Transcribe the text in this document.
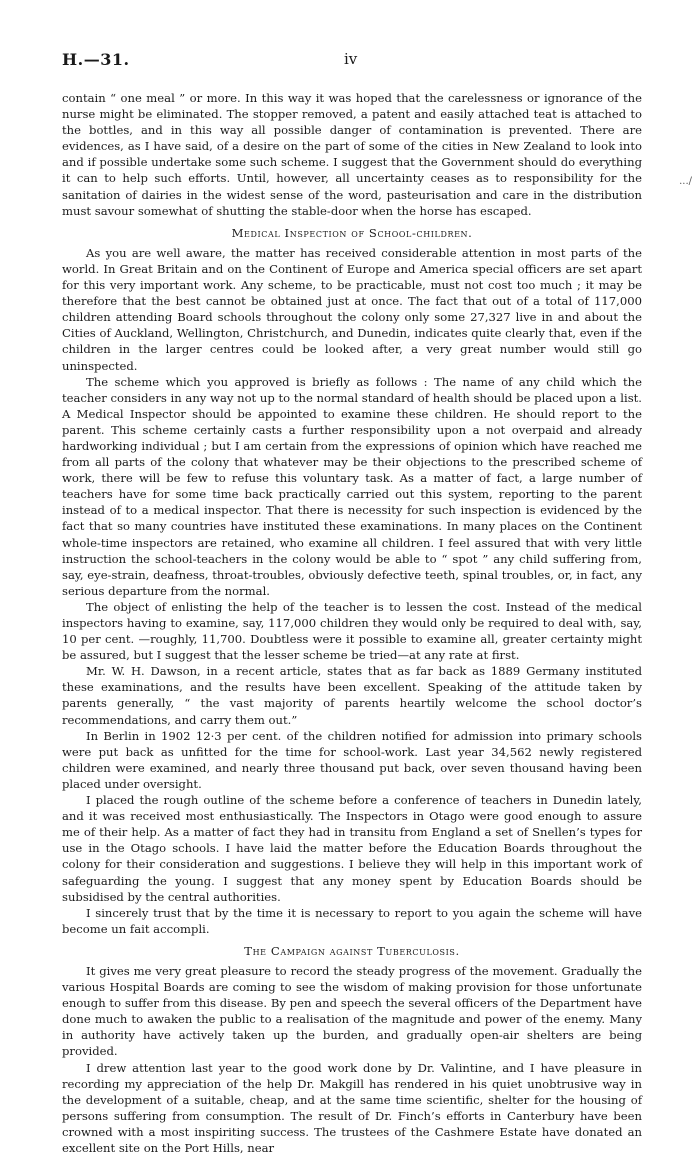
H.—31.	iv
.../

contain “ one meal ” or more. In this way it was hoped that the carelessness or ignorance of the nurse might be eliminated. The stopper removed, a patent and easily attached teat is attached to the bottles, and in this way all possible danger of contamination is prevented. There are evidences, as I have said, of a desire on the part of some of the cities in New Zealand to look into and if possible undertake some such scheme. I suggest that the Government should do everything it can to help such efforts. Until, however, all uncertainty ceases as to responsibility for the sanitation of dairies in the widest sense of the word, pasteurisation and care in the distribution must savour somewhat of shutting the stable-door when the horse has escaped.

Medical Inspection of School-children.

As you are well aware, the matter has received considerable attention in most parts of the world. In Great Britain and on the Continent of Europe and America special officers are set apart for this very important work. Any scheme, to be practicable, must not cost too much ; it may be therefore that the best cannot be obtained just at once. The fact that out of a total of 117,000 children attending Board schools throughout the colony only some 27,327 live in and about the Cities of Auckland, Wellington, Christchurch, and Dunedin, indicates quite clearly that, even if the children in the larger centres could be looked after, a very great number would still go uninspected.

The scheme which you approved is briefly as follows : The name of any child which the teacher considers in any way not up to the normal standard of health should be placed upon a list. A Medical Inspector should be appointed to examine these children. He should report to the parent. This scheme certainly casts a further responsibility upon a not overpaid and already hardworking individual ; but I am certain from the expressions of opinion which have reached me from all parts of the colony that whatever may be their objections to the prescribed scheme of work, there will be few to refuse this voluntary task. As a matter of fact, a large number of teachers have for some time back practically carried out this system, reporting to the parent instead of to a medical inspector. That there is necessity for such inspection is evidenced by the fact that so many countries have instituted these examinations. In many places on the Continent whole-time inspectors are retained, who examine all children. I feel assured that with very little instruction the school-teachers in the colony would be able to “ spot ” any child suffering from, say, eye-strain, deafness, throat-troubles, obviously defective teeth, spinal troubles, or, in fact, any serious departure from the normal.

The object of enlisting the help of the teacher is to lessen the cost. Instead of the medical inspectors having to examine, say, 117,000 children they would only be required to deal with, say, 10 per cent. —roughly, 11,700. Doubtless were it possible to examine all, greater certainty might be assured, but I suggest that the lesser scheme be tried—at any rate at first.

Mr. W. H. Dawson, in a recent article, states that as far back as 1889 Germany instituted these examinations, and the results have been excellent. Speaking of the attitude taken by parents generally, “ the vast majority of parents heartily welcome the school doctor’s recommendations, and carry them out.”

In Berlin in 1902 12·3 per cent. of the children notified for admission into primary schools were put back as unfitted for the time for school-work. Last year 34,562 newly registered children were examined, and nearly three thousand put back, over seven thousand having been placed under oversight.

I placed the rough outline of the scheme before a conference of teachers in Dunedin lately, and it was received most enthusiastically. The Inspectors in Otago were good enough to assure me of their help. As a matter of fact they had in transitu from England a set of Snellen’s types for use in the Otago schools. I have laid the matter before the Education Boards throughout the colony for their consideration and suggestions. I believe they will help in this important work of safeguarding the young. I suggest that any money spent by Education Boards should be subsidised by the central authorities.

I sincerely trust that by the time it is necessary to report to you again the scheme will have become un fait accompli.

The Campaign against Tuberculosis.

It gives me very great pleasure to record the steady progress of the movement. Gradually the various Hospital Boards are coming to see the wisdom of making provision for those unfortunate enough to suffer from this disease. By pen and speech the several officers of the Department have done much to awaken the public to a realisation of the magnitude and power of the enemy. Many in authority have actively taken up the burden, and gradually open-air shelters are being provided.

I drew attention last year to the good work done by Dr. Valintine, and I have pleasure in recording my appreciation of the help Dr. Makgill has rendered in his quiet unobtrusive way in the development of a suitable, cheap, and at the same time scientific, shelter for the housing of persons suffering from consumption. The result of Dr. Finch’s efforts in Canterbury have been crowned with a most inspiriting success. The trustees of the Cashmere Estate have donated an excellent site on the Port Hills, near
